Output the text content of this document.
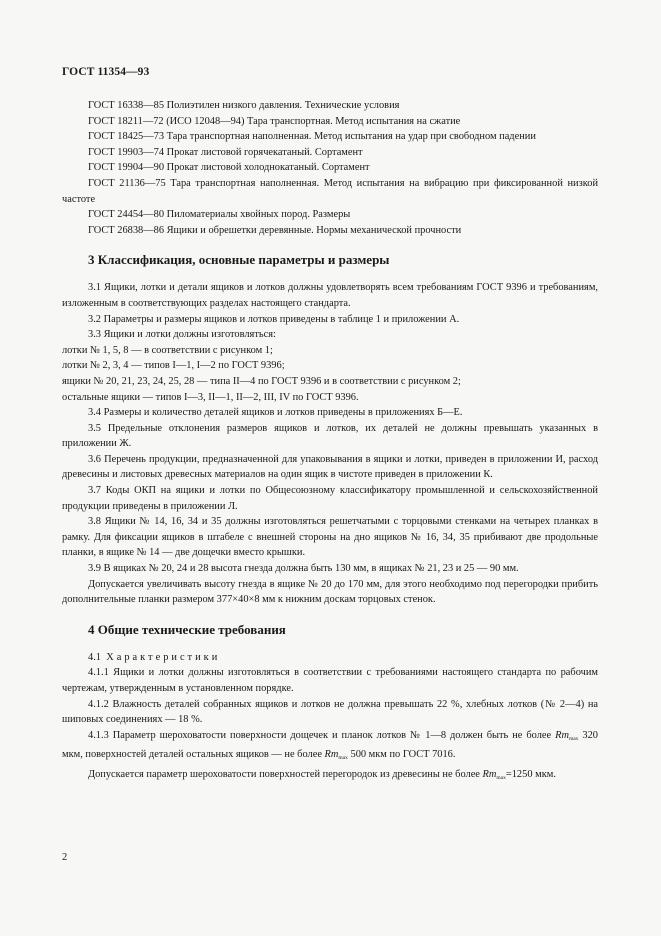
ГОСТ 11354—93

ГОСТ 16338—85 Полиэтилен низкого давления. Технические условия

ГОСТ 18211—72 (ИСО 12048—94) Тара транспортная. Метод испытания на сжатие

ГОСТ 18425—73 Тара транспортная наполненная. Метод испытания на удар при свободном падении

ГОСТ 19903—74 Прокат листовой горячекатаный. Сортамент

ГОСТ 19904—90 Прокат листовой холоднокатаный. Сортамент

ГОСТ 21136—75 Тара транспортная наполненная. Метод испытания на вибрацию при фиксированной низкой частоте

ГОСТ 24454—80 Пиломатериалы хвойных пород. Размеры

ГОСТ 26838—86 Ящики и обрешетки деревянные. Нормы механической прочности

3 Классификация, основные параметры и размеры

3.1 Ящики, лотки и детали ящиков и лотков должны удовлетворять всем требованиям ГОСТ 9396 и требованиям, изложенным в соответствующих разделах настоящего стандарта.

3.2 Параметры и размеры ящиков и лотков приведены в таблице 1 и приложении А.

3.3 Ящики и лотки должны изготовляться:

лотки № 1, 5, 8 — в соответствии с рисунком 1;

лотки № 2, 3, 4 — типов I—1, I—2 по ГОСТ 9396;

ящики № 20, 21, 23, 24, 25, 28 — типа II—4 по ГОСТ 9396 и в соответствии с рисунком 2;

остальные ящики — типов I—3, II—1, II—2, III, IV по ГОСТ 9396.

3.4 Размеры и количество деталей ящиков и лотков приведены в приложениях Б—Е.

3.5 Предельные отклонения размеров ящиков и лотков, их деталей не должны превышать указанных в приложении Ж.

3.6 Перечень продукции, предназначенной для упаковывания в ящики и лотки, приведен в приложении И, расход древесины и листовых древесных материалов на один ящик в чистоте приведен в приложении К.

3.7 Коды ОКП на ящики и лотки по Общесоюзному классификатору промышленной и сельскохозяйственной продукции приведены в приложении Л.

3.8 Ящики № 14, 16, 34 и 35 должны изготовляться решетчатыми с торцовыми стенками на четырех планках в рамку. Для фиксации ящиков в штабеле с внешней стороны на дно ящиков № 16, 34, 35 прибивают две продольные планки, в ящике № 14 — две дощечки вместо крышки.

3.9 В ящиках № 20, 24 и 28 высота гнезда должна быть 130 мм, в ящиках № 21, 23 и 25 — 90 мм.

Допускается увеличивать высоту гнезда в ящике № 20 до 170 мм, для этого необходимо под перегородки прибить дополнительные планки размером 377×40×8 мм к нижним доскам торцовых стенок.

4 Общие технические требования

4.1 Характеристики

4.1.1 Ящики и лотки должны изготовляться в соответствии с требованиями настоящего стандарта по рабочим чертежам, утвержденным в установленном порядке.

4.1.2 Влажность деталей собранных ящиков и лотков не должна превышать 22 %, хлебных лотков (№ 2—4) на шиповых соединениях — 18 %.

4.1.3 Параметр шероховатости поверхности дощечек и планок лотков № 1—8 должен быть не более $Rm_{max}$ 320 мкм, поверхностей деталей остальных ящиков — не более $Rm_{max}$ 500 мкм по ГОСТ 7016.

Допускается параметр шероховатости поверхностей перегородок из древесины не более $Rm_{max}=1250$ мкм.

2
